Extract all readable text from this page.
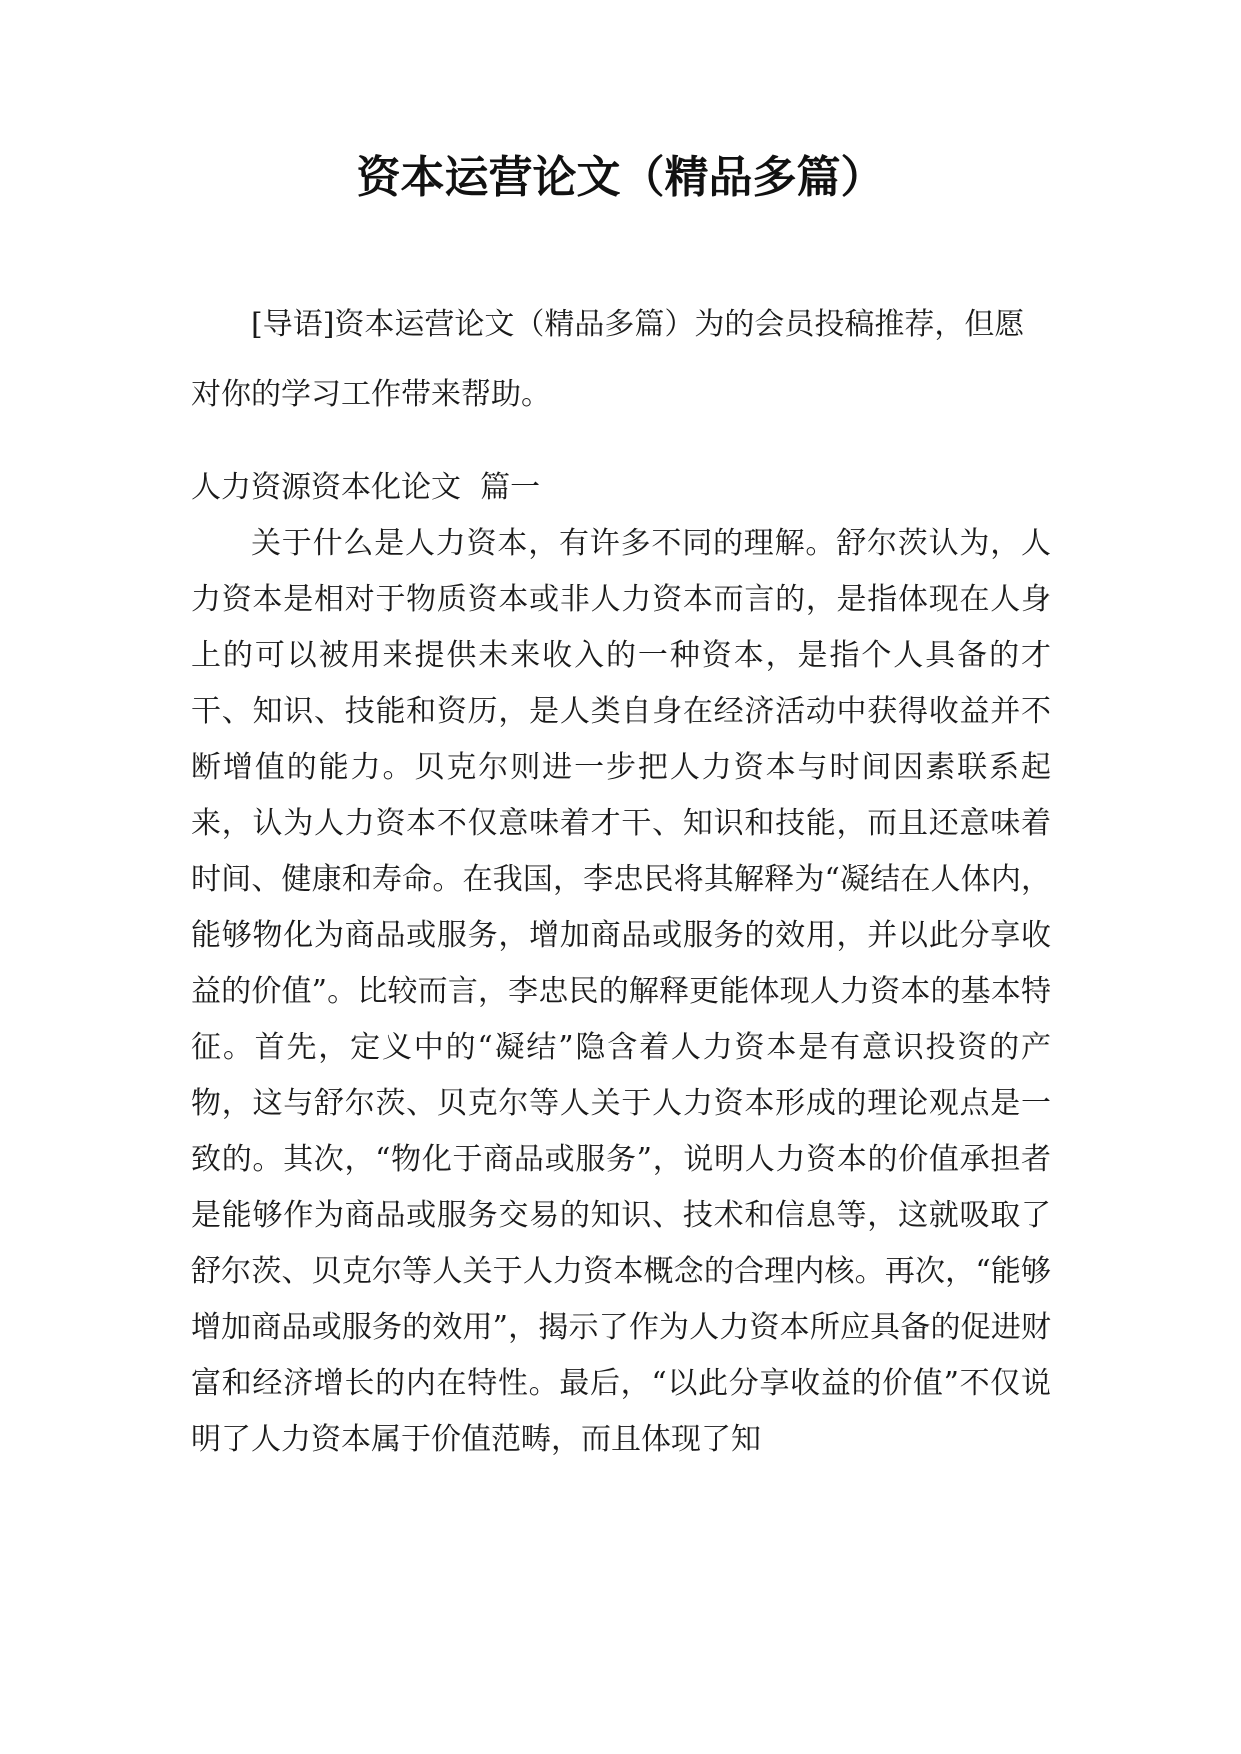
资本运营论文（精品多篇）

[导语]资本运营论文（精品多篇）为的会员投稿推荐，但愿对你的学习工作带来帮助。

人力资源资本化论文  篇一

关于什么是人力资本，有许多不同的理解。舒尔茨认为，人力资本是相对于物质资本或非人力资本而言的，是指体现在人身上的可以被用来提供未来收入的一种资本，是指个人具备的才干、知识、技能和资历，是人类自身在经济活动中获得收益并不断增值的能力。贝克尔则进一步把人力资本与时间因素联系起来，认为人力资本不仅意味着才干、知识和技能，而且还意味着时间、健康和寿命。在我国，李忠民将其解释为“凝结在人体内，能够物化为商品或服务，增加商品或服务的效用，并以此分享收益的价值”。比较而言，李忠民的解释更能体现人力资本的基本特征。首先，定义中的“凝结”隐含着人力资本是有意识投资的产物，这与舒尔茨、贝克尔等人关于人力资本形成的理论观点是一致的。其次，“物化于商品或服务”，说明人力资本的价值承担者是能够作为商品或服务交易的知识、技术和信息等，这就吸取了舒尔茨、贝克尔等人关于人力资本概念的合理内核。再次，“能够增加商品或服务的效用”，揭示了作为人力资本所应具备的促进财富和经济增长的内在特性。最后，“以此分享收益的价值”不仅说明了人力资本属于价值范畴，而且体现了知
